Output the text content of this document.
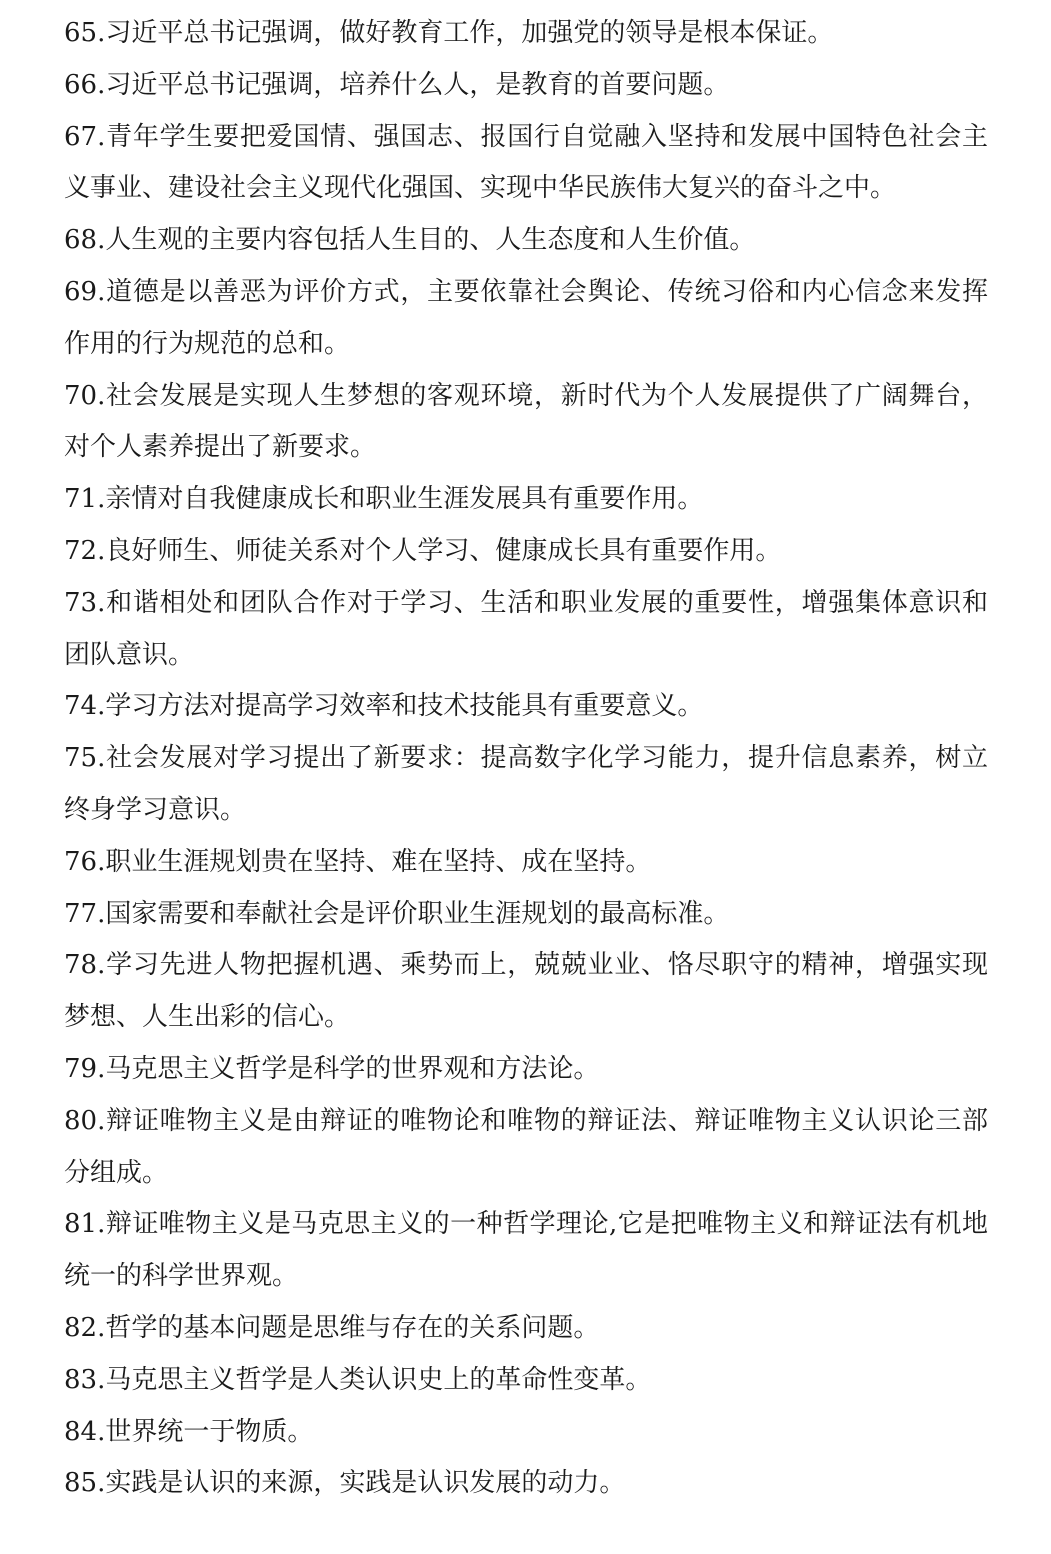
65.习近平总书记强调，做好教育工作，加强党的领导是根本保证。

66.习近平总书记强调，培养什么人，是教育的首要问题。

67.青年学生要把爱国情、强国志、报国行自觉融入坚持和发展中国特色社会主义事业、建设社会主义现代化强国、实现中华民族伟大复兴的奋斗之中。

68.人生观的主要内容包括人生目的、人生态度和人生价值。

69.道德是以善恶为评价方式，主要依靠社会舆论、传统习俗和内心信念来发挥作用的行为规范的总和。

70.社会发展是实现人生梦想的客观环境，新时代为个人发展提供了广阔舞台，对个人素养提出了新要求。

71.亲情对自我健康成长和职业生涯发展具有重要作用。

72.良好师生、师徒关系对个人学习、健康成长具有重要作用。

73.和谐相处和团队合作对于学习、生活和职业发展的重要性，增强集体意识和团队意识。

74.学习方法对提高学习效率和技术技能具有重要意义。

75.社会发展对学习提出了新要求：提高数字化学习能力，提升信息素养，树立终身学习意识。

76.职业生涯规划贵在坚持、难在坚持、成在坚持。

77.国家需要和奉献社会是评价职业生涯规划的最高标准。

78.学习先进人物把握机遇、乘势而上，兢兢业业、恪尽职守的精神，增强实现梦想、人生出彩的信心。

79.马克思主义哲学是科学的世界观和方法论。

80.辩证唯物主义是由辩证的唯物论和唯物的辩证法、辩证唯物主义认识论三部分组成。

81.辩证唯物主义是马克思主义的一种哲学理论,它是把唯物主义和辩证法有机地统一的科学世界观。

82.哲学的基本问题是思维与存在的关系问题。

83.马克思主义哲学是人类认识史上的革命性变革。

84.世界统一于物质。

85.实践是认识的来源，实践是认识发展的动力。
